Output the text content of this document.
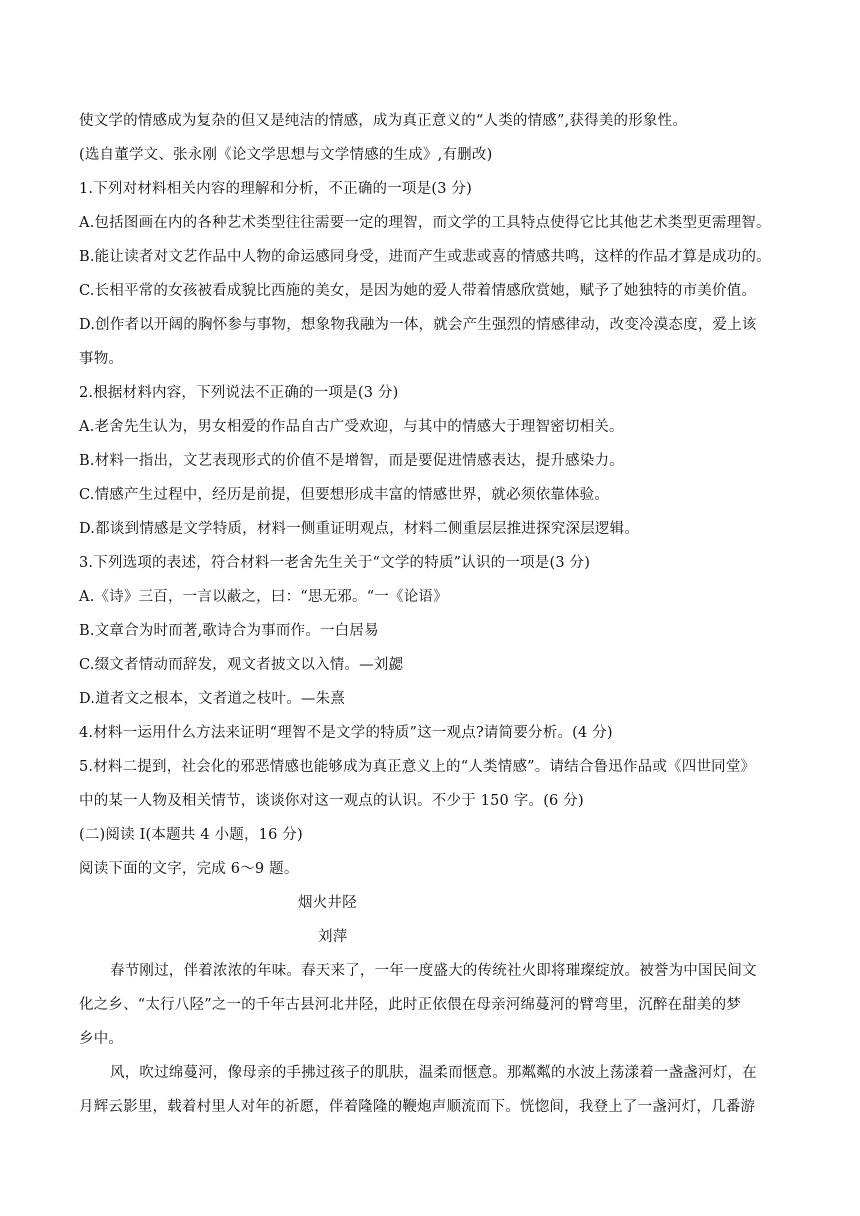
使文学的情感成为复杂的但又是纯洁的情感，成为真正意义的“人类的情感”,获得美的形象性。
(选自董学文、张永刚《论文学思想与文学情感的生成》,有删改)
1.下列对材料相关内容的理解和分析，不正确的一项是(3 分)
A.包括图画在内的各种艺术类型往往需要一定的理智，而文学的工具特点使得它比其他艺术类型更需理智。
B.能让读者对文艺作品中人物的命运感同身受，进而产生或悲或喜的情感共鸣，这样的作品才算是成功的。
C.长相平常的女孩被看成貌比西施的美女，是因为她的爱人带着情感欣赏她，赋予了她独特的市美价值。
D.创作者以开阔的胸怀参与事物，想象物我融为一体，就会产生强烈的情感律动，改变冷漠态度，爱上该
事物。
2.根据材料内容，下列说法不正确的一项是(3 分)
A.老舍先生认为，男女相爱的作品自古广受欢迎，与其中的情感大于理智密切相关。
B.材料一指出，文艺表现形式的价值不是增智，而是要促进情感表达，提升感染力。
C.情感产生过程中，经历是前提，但要想形成丰富的情感世界，就必须依靠体验。
D.都谈到情感是文学特质，材料一侧重证明观点，材料二侧重层层推进探究深层逻辑。
3.下列选项的表述，符合材料一老舍先生关于“文学的特质”认识的一项是(3 分)
A.《诗》三百，一言以蔽之，曰：“思无邪。“一《论语》
B.文章合为时而著,歌诗合为事而作。一白居易
C.缀文者情动而辞发，观文者披文以入情。—刘勰
D.道者文之根本，文者道之枝叶。—朱熹
4.材料一运用什么方法来证明“理智不是文学的特质”这一观点?请简要分析。(4 分)
5.材料二提到，社会化的邪恶情感也能够成为真正意义上的“人类情感”。请结合鲁迅作品或《四世同堂》
中的某一人物及相关情节，谈谈你对这一观点的认识。不少于 150 字。(6 分)
(二)阅读 I(本题共 4 小题，16 分)
阅读下面的文字，完成 6～9 题。
烟火井陉
刘萍
春节刚过，伴着浓浓的年味。春天来了，一年一度盛大的传统社火即将璀璨绽放。被誉为中国民间文
化之乡、“太行八陉”之一的千年古县河北井陉，此时正依偎在母亲河绵蔓河的臂弯里，沉醉在甜美的梦
乡中。
风，吹过绵蔓河，像母亲的手拂过孩子的肌肤，温柔而惬意。那粼粼的水波上荡漾着一盏盏河灯，在
月辉云影里，载着村里人对年的祈愿，伴着隆隆的鞭炮声顺流而下。恍惚间，我登上了一盏河灯，几番游
